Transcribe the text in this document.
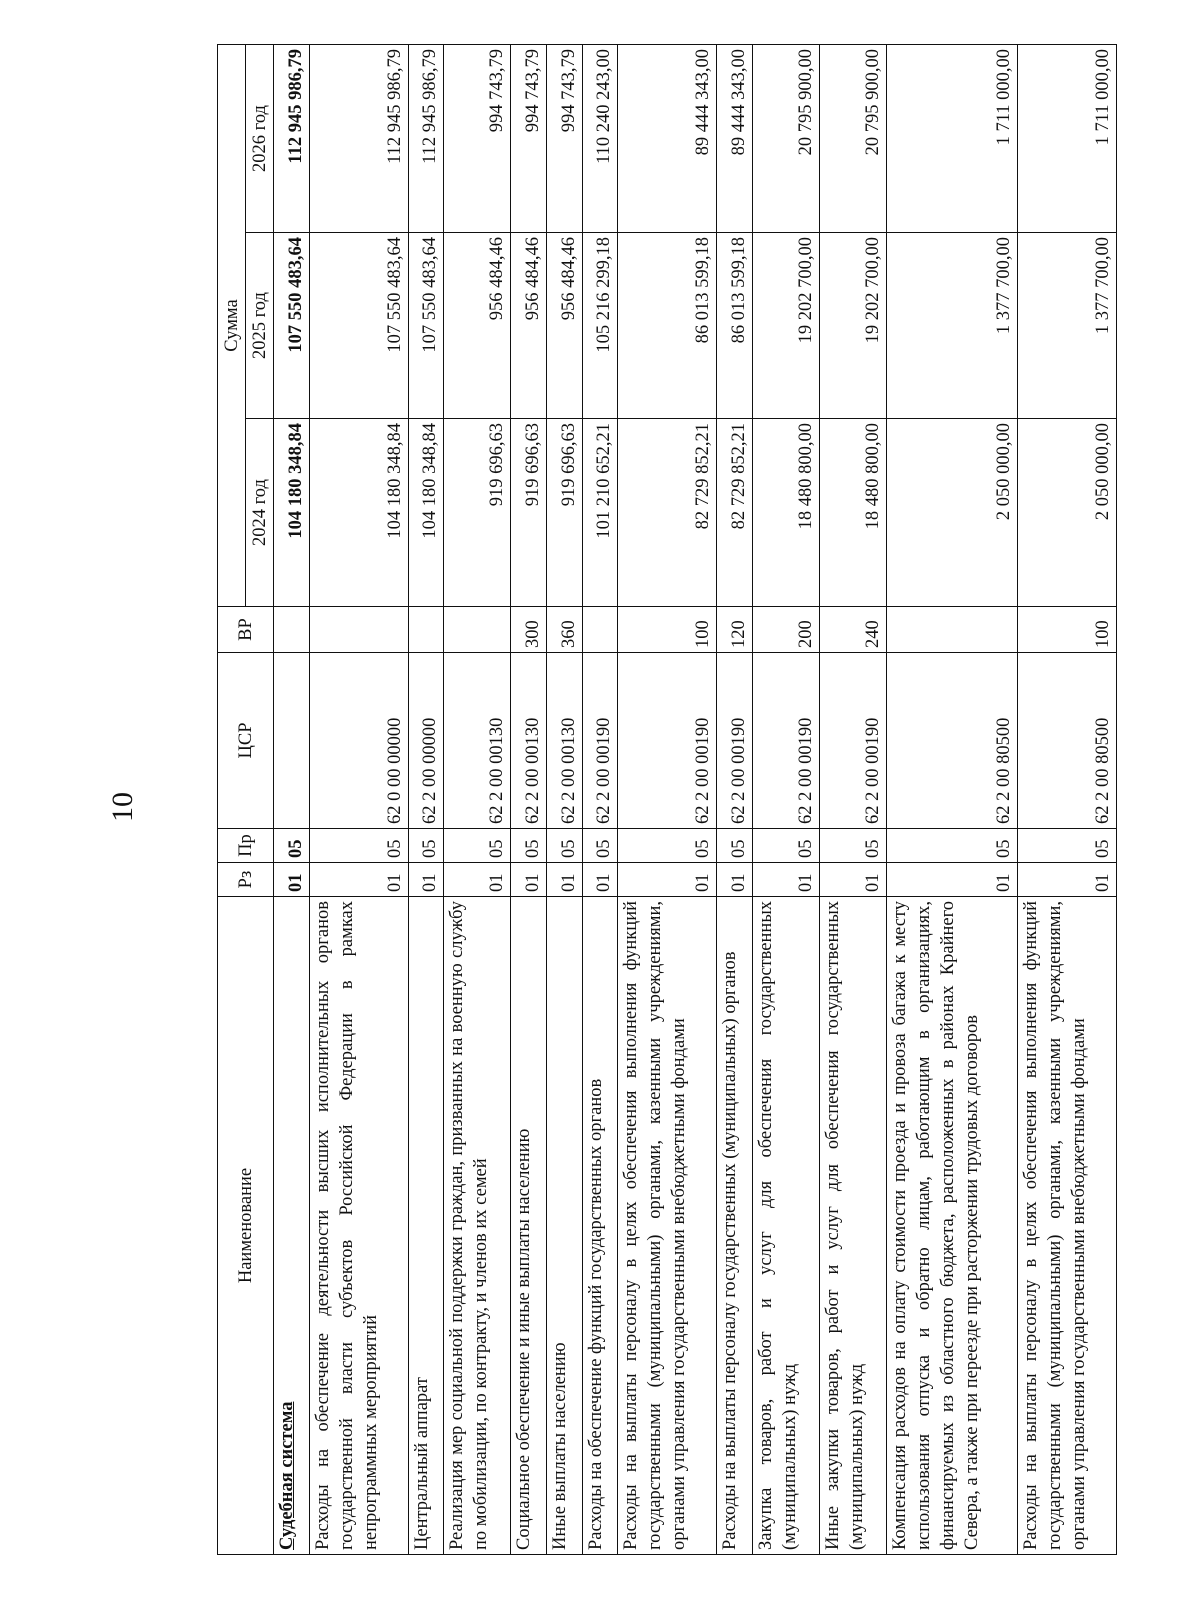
10
Наименование	Рз	Пр	ЦСР	ВР	Сумма		
					2024 год	2025 год	2026 год
Судебная система	01	05			104 180 348,84	107 550 483,64	112 945 986,79
Расходы на обеспечение деятельности высших исполнительных органов государственной власти субъектов Российской Федерации в рамках непрограммных мероприятий	01	05	62 0 00 00000		104 180 348,84	107 550 483,64	112 945 986,79
Центральный аппарат	01	05	62 2 00 00000		104 180 348,84	107 550 483,64	112 945 986,79
Реализация мер социальной поддержки граждан, призванных на военную службу по мобилизации, по контракту, и членов их семей	01	05	62 2 00 00130		919 696,63	956 484,46	994 743,79
Социальное обеспечение и иные выплаты населению	01	05	62 2 00 00130	300	919 696,63	956 484,46	994 743,79
Иные выплаты населению	01	05	62 2 00 00130	360	919 696,63	956 484,46	994 743,79
Расходы на обеспечение функций государственных органов	01	05	62 2 00 00190		101 210 652,21	105 216 299,18	110 240 243,00
Расходы на выплаты персоналу в целях обеспечения выполнения функций государственными (муниципальными) органами, казенными учреждениями, органами управления государственными внебюджетными фондами	01	05	62 2 00 00190	100	82 729 852,21	86 013 599,18	89 444 343,00
Расходы на выплаты персоналу государственных (муниципальных) органов	01	05	62 2 00 00190	120	82 729 852,21	86 013 599,18	89 444 343,00
Закупка товаров, работ и услуг для обеспечения государственных (муниципальных) нужд	01	05	62 2 00 00190	200	18 480 800,00	19 202 700,00	20 795 900,00
Иные закупки товаров, работ и услуг для обеспечения государственных (муниципальных) нужд	01	05	62 2 00 00190	240	18 480 800,00	19 202 700,00	20 795 900,00
Компенсация расходов на оплату стоимости проезда и провоза багажа к месту использования отпуска и обратно лицам, работающим в организациях, финансируемых из областного бюджета, расположенных в районах Крайнего Севера, а также при переезде при расторжении трудовых договоров	01	05	62 2 00 80500		2 050 000,00	1 377 700,00	1 711 000,00
Расходы на выплаты персоналу в целях обеспечения выполнения функций государственными (муниципальными) органами, казенными учреждениями, органами управления государственными внебюджетными фондами	01	05	62 2 00 80500	100	2 050 000,00	1 377 700,00	1 711 000,00
